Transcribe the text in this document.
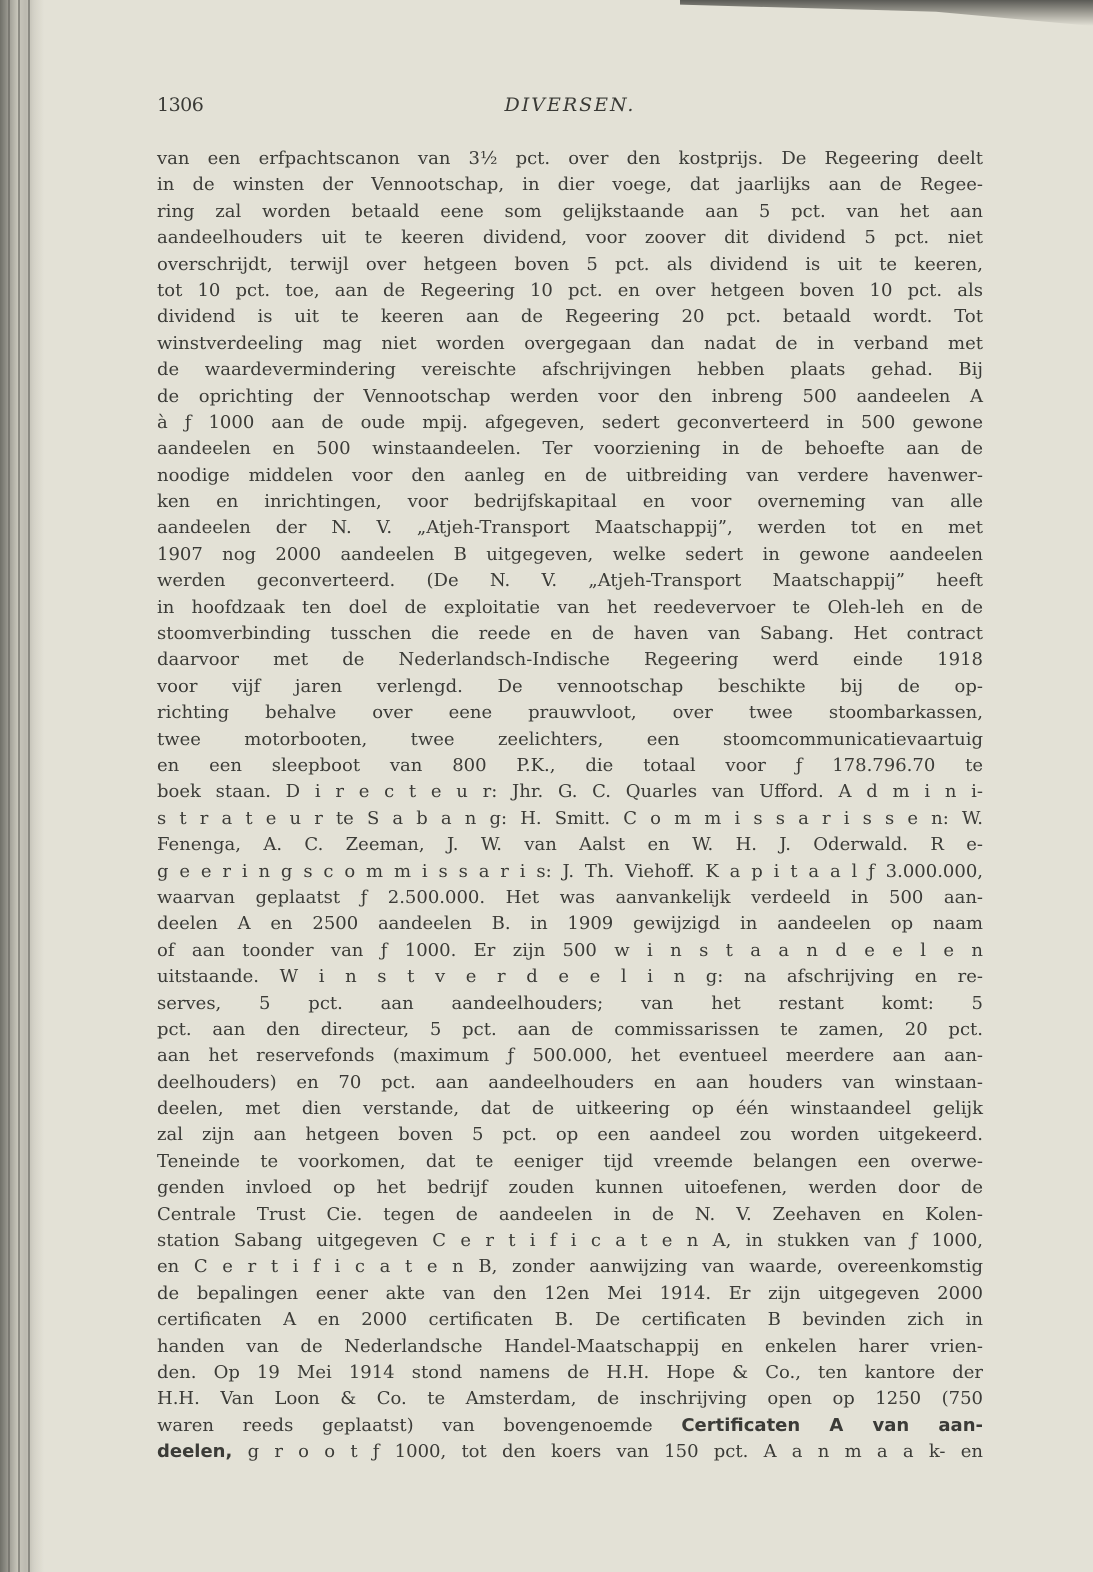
1306	DIVERSEN.
van een erfpachtscanon van 3½ pct. over den kostprijs. De Regeering deelt
in de winsten der Vennootschap, in dier voege, dat jaarlijks aan de Regee-
ring zal worden betaald eene som gelijkstaande aan 5 pct. van het aan
aandeelhouders uit te keeren dividend, voor zoover dit dividend 5 pct. niet
overschrijdt, terwijl over hetgeen boven 5 pct. als dividend is uit te keeren,
tot 10 pct. toe, aan de Regeering 10 pct. en over hetgeen boven 10 pct. als
dividend is uit te keeren aan de Regeering 20 pct. betaald wordt. Tot
winstverdeeling mag niet worden overgegaan dan nadat de in verband met
de waardevermindering vereischte afschrijvingen hebben plaats gehad. Bij
de oprichting der Vennootschap werden voor den inbreng 500 aandeelen A
à ƒ 1000 aan de oude mpij. afgegeven, sedert geconverteerd in 500 gewone
aandeelen en 500 winstaandeelen. Ter voorziening in de behoefte aan de
noodige middelen voor den aanleg en de uitbreiding van verdere havenwer-
ken en inrichtingen, voor bedrijfskapitaal en voor overneming van alle
aandeelen der N. V. „Atjeh-Transport Maatschappij”, werden tot en met
1907 nog 2000 aandeelen B uitgegeven, welke sedert in gewone aandeelen
werden geconverteerd. (De N. V. „Atjeh-Transport Maatschappij” heeft
in hoofdzaak ten doel de exploitatie van het reedevervoer te Oleh-leh en de
stoomverbinding tusschen die reede en de haven van Sabang. Het contract
daarvoor met de Nederlandsch-Indische Regeering werd einde 1918
voor vijf jaren verlengd. De vennootschap beschikte bij de op-
richting behalve over eene prauwvloot, over twee stoombarkassen,
twee motorbooten, twee zeelichters, een stoomcommunicatievaartuig
en een sleepboot van 800 P.K., die totaal voor ƒ 178.796.70 te
boek staan. D i r e c t e u r: Jhr. G. C. Quarles van Ufford. A d m i n i-
s t r a t e u r te S a b a n g: H. Smitt. C o m m i s s a r i s s e n: W.
Fenenga, A. C. Zeeman, J. W. van Aalst en W. H. J. Oderwald. R e-
g e e r i n g s c o m m i s s a r i s: J. Th. Viehoff. K a p i t a a l ƒ 3.000.000,
waarvan geplaatst ƒ 2.500.000. Het was aanvankelijk verdeeld in 500 aan-
deelen A en 2500 aandeelen B. in 1909 gewijzigd in aandeelen op naam
of aan toonder van ƒ 1000. Er zijn 500 w i n s t a a n d e e l e n
uitstaande. W i n s t v e r d e e l i n g: na afschrijving en re-
serves, 5 pct. aan aandeelhouders; van het restant komt: 5
pct. aan den directeur, 5 pct. aan de commissarissen te zamen, 20 pct.
aan het reservefonds (maximum ƒ 500.000, het eventueel meerdere aan aan-
deelhouders) en 70 pct. aan aandeelhouders en aan houders van winstaan-
deelen, met dien verstande, dat de uitkeering op één winstaandeel gelijk
zal zijn aan hetgeen boven 5 pct. op een aandeel zou worden uitgekeerd.
Teneinde te voorkomen, dat te eeniger tijd vreemde belangen een overwe-
genden invloed op het bedrijf zouden kunnen uitoefenen, werden door de
Centrale Trust Cie. tegen de aandeelen in de N. V. Zeehaven en Kolen-
station Sabang uitgegeven C e r t i f i c a t e n A, in stukken van ƒ 1000,
en C e r t i f i c a t e n B, zonder aanwijzing van waarde, overeenkomstig
de bepalingen eener akte van den 12en Mei 1914. Er zijn uitgegeven 2000
certificaten A en 2000 certificaten B. De certificaten B bevinden zich in
handen van de Nederlandsche Handel-Maatschappij en enkelen harer vrien-
den. Op 19 Mei 1914 stond namens de H.H. Hope & Co., ten kantore der
H.H. Van Loon & Co. te Amsterdam, de inschrijving open op 1250 (750
waren reeds geplaatst) van bovengenoemde Certificaten A van aan-
deelen, g r o o t ƒ 1000, tot den koers van 150 pct. A a n m a a k- en
